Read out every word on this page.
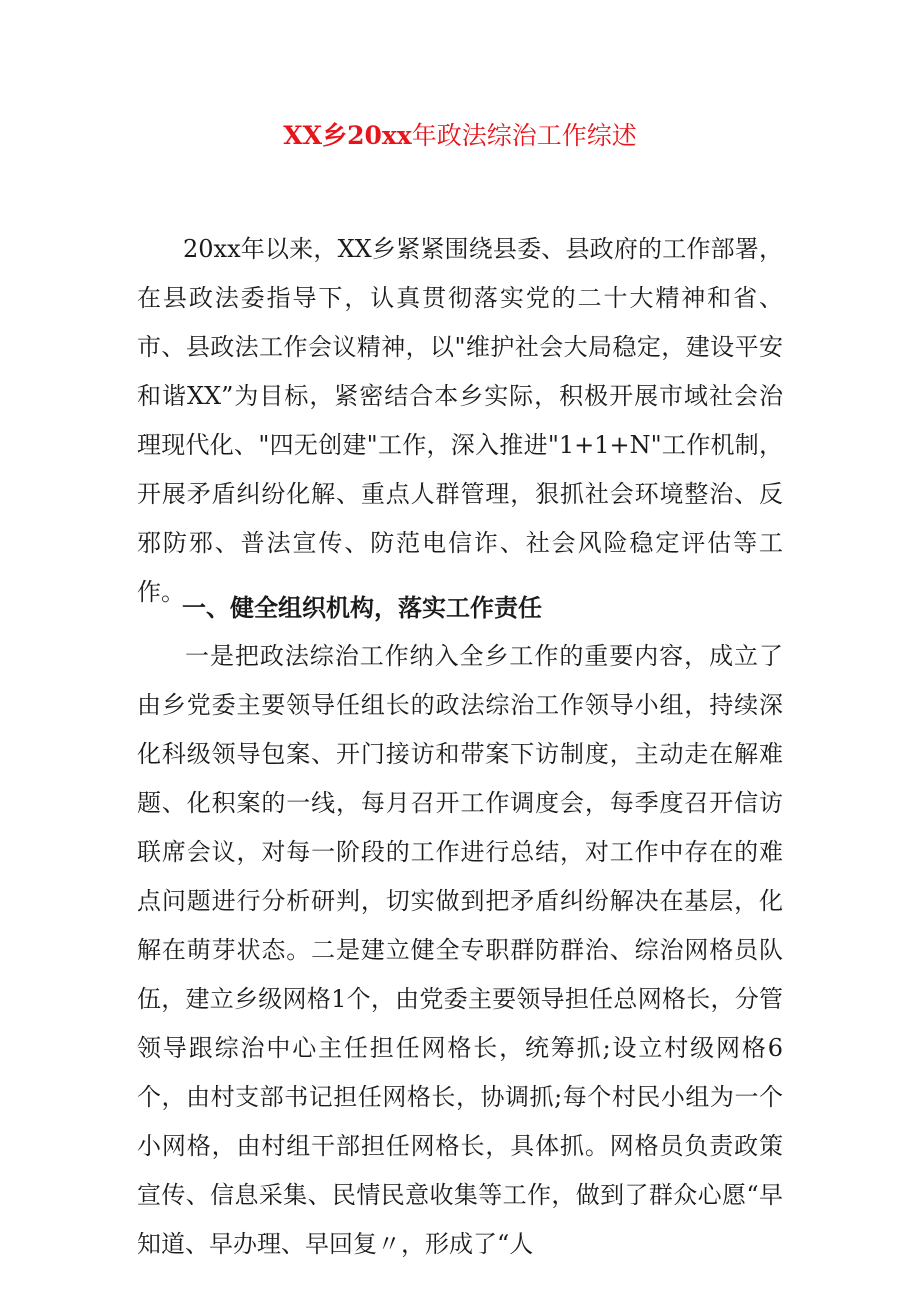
XX乡20xx年政法综治工作综述

20xx年以来，XX乡紧紧围绕县委、县政府的工作部署，在县政法委指导下，认真贯彻落实党的二十大精神和省、市、县政法工作会议精神，以"维护社会大局稳定，建设平安和谐XX”为目标，紧密结合本乡实际，积极开展市域社会治理现代化、"四无创建"工作，深入推进"1+1+N"工作机制，开展矛盾纠纷化解、重点人群管理，狠抓社会环境整治、反邪防邪、普法宣传、防范电信诈、社会风险稳定评估等工作。

一、健全组织机构，落实工作责任

一是把政法综治工作纳入全乡工作的重要内容，成立了由乡党委主要领导任组长的政法综治工作领导小组，持续深化科级领导包案、开门接访和带案下访制度，主动走在解难题、化积案的一线，每月召开工作调度会，每季度召开信访联席会议，对每一阶段的工作进行总结，对工作中存在的难点问题进行分析研判，切实做到把矛盾纠纷解决在基层，化解在萌芽状态。二是建立健全专职群防群治、综治网格员队伍，建立乡级网格1个，由党委主要领导担任总网格长，分管领导跟综治中心主任担任网格长，统筹抓;设立村级网格6个，由村支部书记担任网格长，协调抓;每个村民小组为一个小网格，由村组干部担任网格长，具体抓。网格员负责政策宣传、信息采集、民情民意收集等工作，做到了群众心愿“早知道、早办理、早回复〃，形成了“人
